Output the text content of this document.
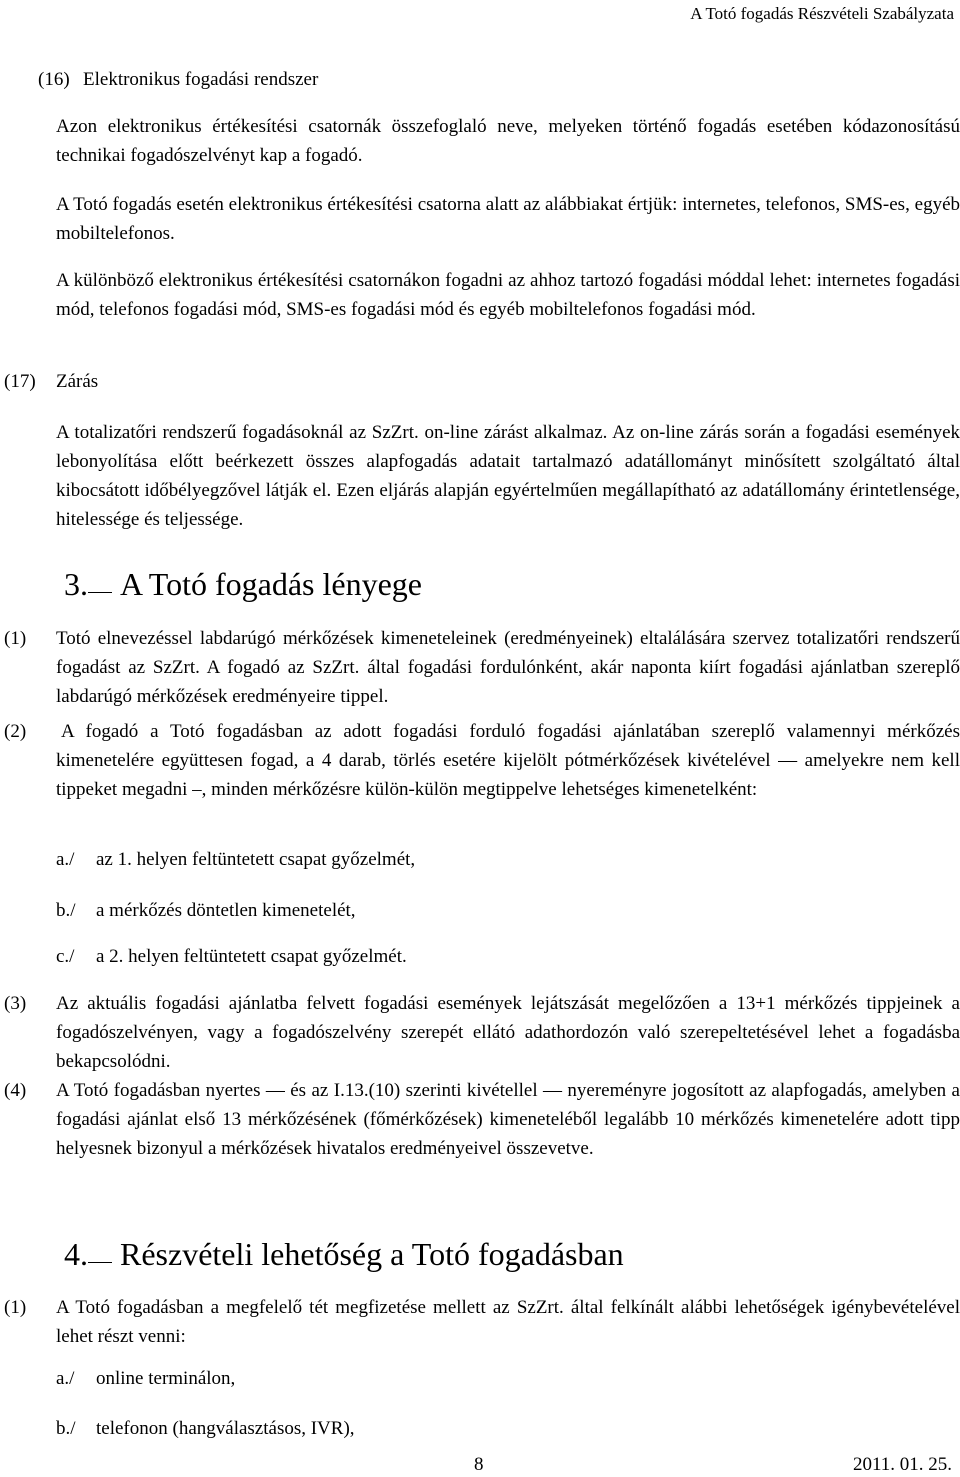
A Totó fogadás Részvételi Szabályzata
(16) Elektronikus fogadási rendszer
Azon elektronikus értékesítési csatornák összefoglaló neve, melyeken történő fogadás esetében kódazonosítású technikai fogadószelvényt kap a fogadó.
A Totó fogadás esetén elektronikus értékesítési csatorna alatt az alábbiakat értjük: internetes, telefonos, SMS-es, egyéb mobiltelefonos.
A különböző elektronikus értékesítési csatornákon fogadni az ahhoz tartozó fogadási móddal lehet: internetes fogadási mód, telefonos fogadási mód, SMS-es fogadási mód és egyéb mobiltelefonos fogadási mód.
(17) Zárás
A totalizatőri rendszerű fogadásoknál az SzZrt. on-line zárást alkalmaz. Az on-line zárás során a fogadási események lebonyolítása előtt beérkezett összes alapfogadás adatait tartalmazó adatállományt minősített szolgáltató által kibocsátott időbélyegzővel látják el. Ezen eljárás alapján egyértelműen megállapítható az adatállomány érintetlensége, hitelessége és teljessége.
3. A Totó fogadás lényege
(1) Totó elnevezéssel labdarúgó mérkőzések kimeneteleinek (eredményeinek) eltalálására szervez totalizatőri rendszerű fogadást az SzZrt. A fogadó az SzZrt. által fogadási fordulónként, akár naponta kiírt fogadási ajánlatban szereplő labdarúgó mérkőzések eredményeire tippel.
(2) A fogadó a Totó fogadásban az adott fogadási forduló fogadási ajánlatában szereplő valamennyi mérkőzés kimenetelére együttesen fogad, a 4 darab, törlés esetére kijelölt pótmérkőzések kivételével — amelyekre nem kell tippeket megadni –, minden mérkőzésre külön-külön megtippelve lehetséges kimenetelként:
a./ az 1. helyen feltüntetett csapat győzelmét,
b./ a mérkőzés döntetlen kimenetelét,
c./ a 2. helyen feltüntetett csapat győzelmét.
(3) Az aktuális fogadási ajánlatba felvett fogadási események lejátszását megelőzően a 13+1 mérkőzés tippjeinek a fogadószelvényen, vagy a fogadószelvény szerepét ellátó adathordozón való szerepeltetésével lehet a fogadásba bekapcsolódni.
(4) A Totó fogadásban nyertes — és az I.13.(10) szerinti kivétellel — nyereményre jogosított az alapfogadás, amelyben a fogadási ajánlat első 13 mérkőzésének (főmérkőzések) kimeneteléből legalább 10 mérkőzés kimenetelére adott tipp helyesnek bizonyul a mérkőzések hivatalos eredményeivel összevetve.
4. Részvételi lehetőség a Totó fogadásban
(1) A Totó fogadásban a megfelelő tét megfizetése mellett az SzZrt. által felkínált alábbi lehetőségek igénybevételével lehet részt venni:
a./ online terminálon,
b./ telefonon (hangválasztásos, IVR),
8	2011. 01. 25.
